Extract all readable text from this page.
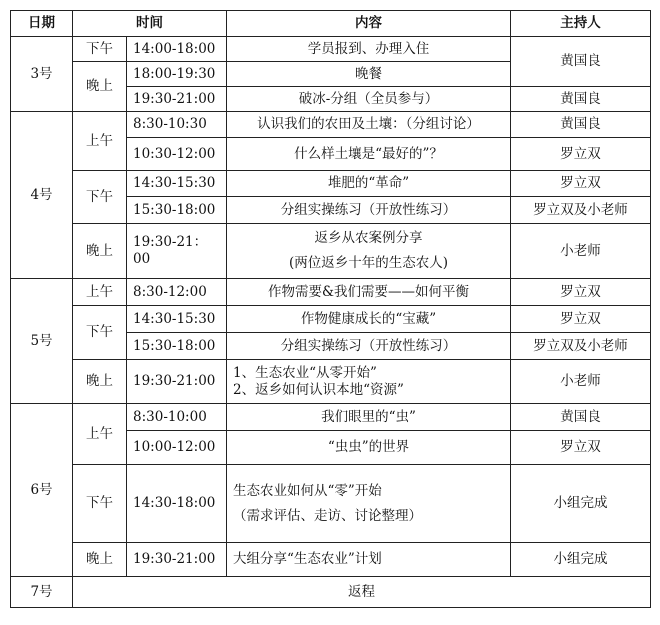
日期	时间		内容	主持人
3号	下午	14:00-18:00	学员报到、办理入住	黄国良
	晚上	18:00-19:30	晚餐	
		19:30-21:00	破冰-分组（全员参与）	黄国良
4号	上午	8:30-10:30	认识我们的农田及土壤：（分组讨论）	黄国良
		10:30-12:00	什么样土壤是“最好的”？	罗立双
	下午	14:30-15:30	堆肥的“革命”	罗立双
		15:30-18:00	分组实操练习（开放性练习）	罗立双及小老师
	晚上	19:30-21：00	返乡从农案例分享
(两位返乡十年的生态农人)	小老师
5号	上午	8:30-12:00	作物需要&我们需要——如何平衡	罗立双
	下午	14:30-15:30	作物健康成长的“宝藏”	罗立双
		15:30-18:00	分组实操练习（开放性练习）	罗立双及小老师
	晚上	19:30-21:00	1、生态农业“从零开始”
2、返乡如何认识本地“资源”	小老师
6号	上午	8:30-10:00	我们眼里的“虫”	黄国良
		10:00-12:00	“虫虫”的世界	罗立双
	下午	14:30-18:00	生态农业如何从“零”开始
（需求评估、走访、讨论整理）	小组完成
	晚上	19:30-21:00	大组分享“生态农业”计划	小组完成
7号	返程			
